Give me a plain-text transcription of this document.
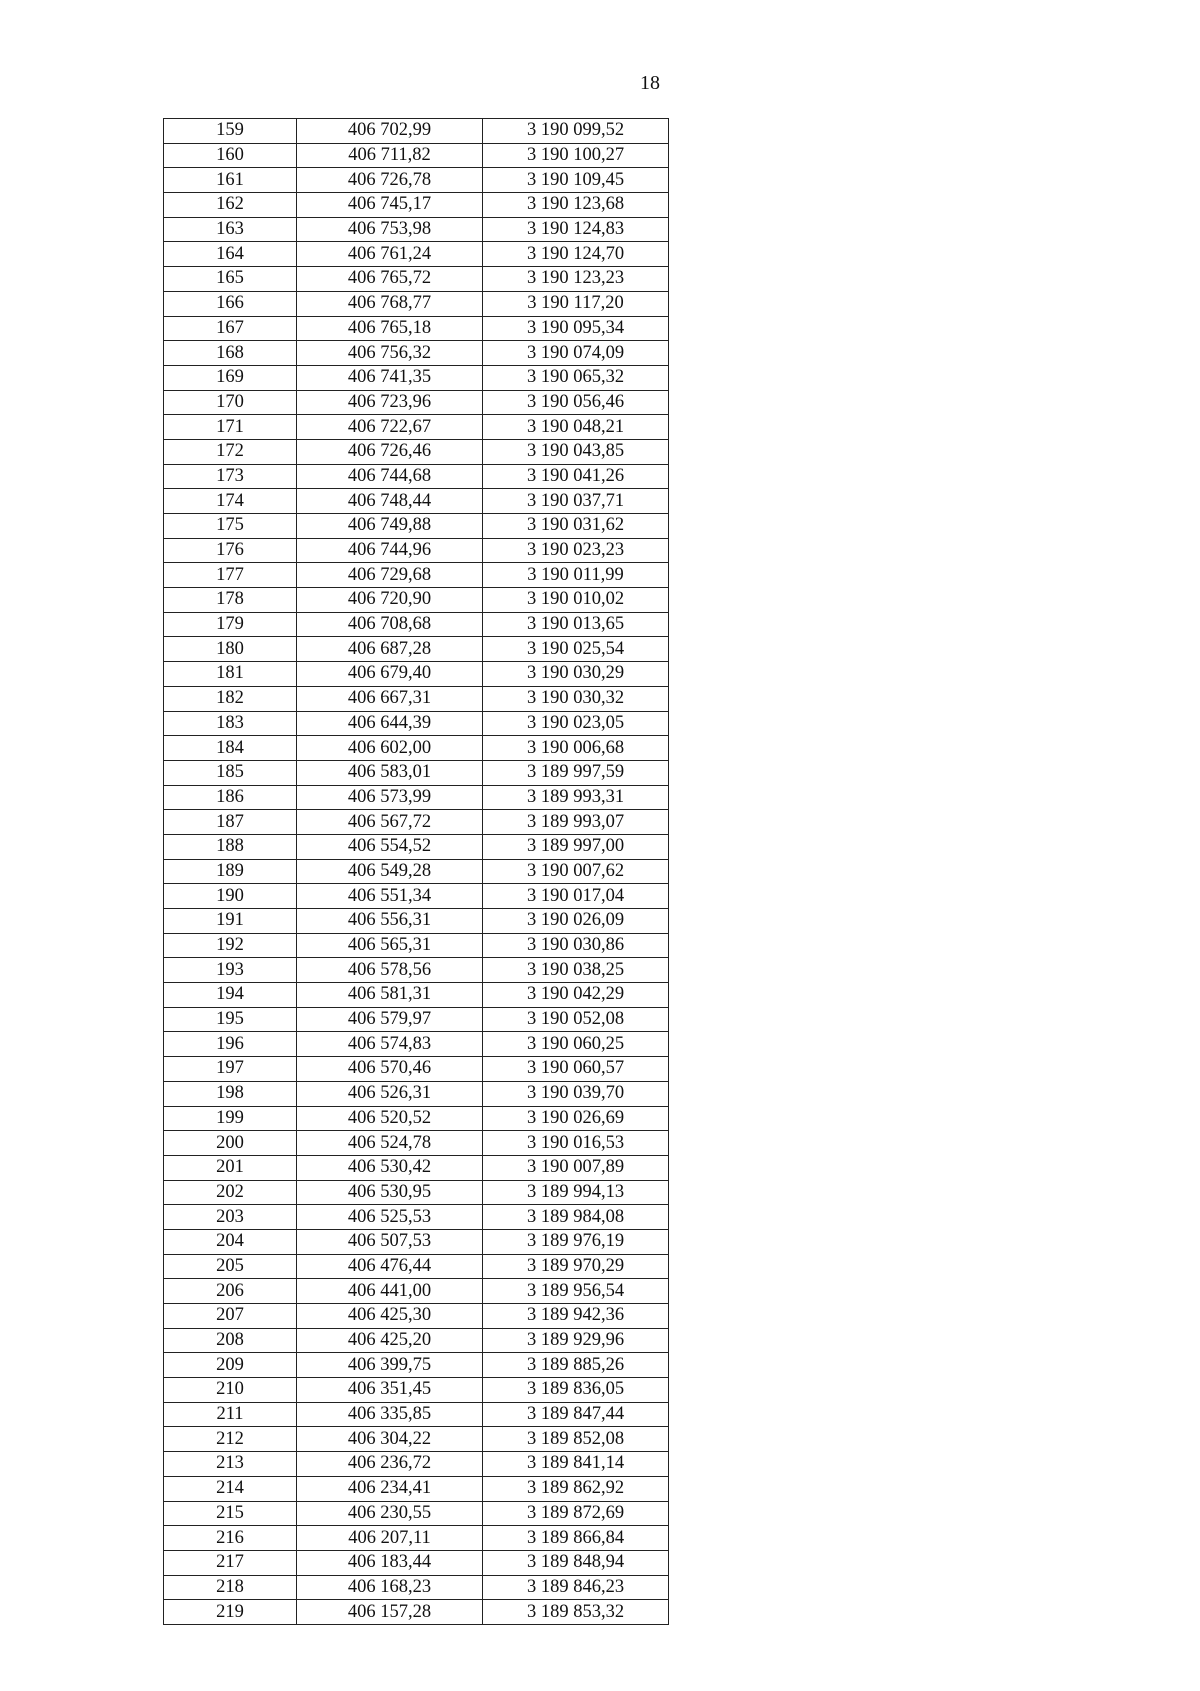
18
159	406 702,99	3 190 099,52
160	406 711,82	3 190 100,27
161	406 726,78	3 190 109,45
162	406 745,17	3 190 123,68
163	406 753,98	3 190 124,83
164	406 761,24	3 190 124,70
165	406 765,72	3 190 123,23
166	406 768,77	3 190 117,20
167	406 765,18	3 190 095,34
168	406 756,32	3 190 074,09
169	406 741,35	3 190 065,32
170	406 723,96	3 190 056,46
171	406 722,67	3 190 048,21
172	406 726,46	3 190 043,85
173	406 744,68	3 190 041,26
174	406 748,44	3 190 037,71
175	406 749,88	3 190 031,62
176	406 744,96	3 190 023,23
177	406 729,68	3 190 011,99
178	406 720,90	3 190 010,02
179	406 708,68	3 190 013,65
180	406 687,28	3 190 025,54
181	406 679,40	3 190 030,29
182	406 667,31	3 190 030,32
183	406 644,39	3 190 023,05
184	406 602,00	3 190 006,68
185	406 583,01	3 189 997,59
186	406 573,99	3 189 993,31
187	406 567,72	3 189 993,07
188	406 554,52	3 189 997,00
189	406 549,28	3 190 007,62
190	406 551,34	3 190 017,04
191	406 556,31	3 190 026,09
192	406 565,31	3 190 030,86
193	406 578,56	3 190 038,25
194	406 581,31	3 190 042,29
195	406 579,97	3 190 052,08
196	406 574,83	3 190 060,25
197	406 570,46	3 190 060,57
198	406 526,31	3 190 039,70
199	406 520,52	3 190 026,69
200	406 524,78	3 190 016,53
201	406 530,42	3 190 007,89
202	406 530,95	3 189 994,13
203	406 525,53	3 189 984,08
204	406 507,53	3 189 976,19
205	406 476,44	3 189 970,29
206	406 441,00	3 189 956,54
207	406 425,30	3 189 942,36
208	406 425,20	3 189 929,96
209	406 399,75	3 189 885,26
210	406 351,45	3 189 836,05
211	406 335,85	3 189 847,44
212	406 304,22	3 189 852,08
213	406 236,72	3 189 841,14
214	406 234,41	3 189 862,92
215	406 230,55	3 189 872,69
216	406 207,11	3 189 866,84
217	406 183,44	3 189 848,94
218	406 168,23	3 189 846,23
219	406 157,28	3 189 853,32
